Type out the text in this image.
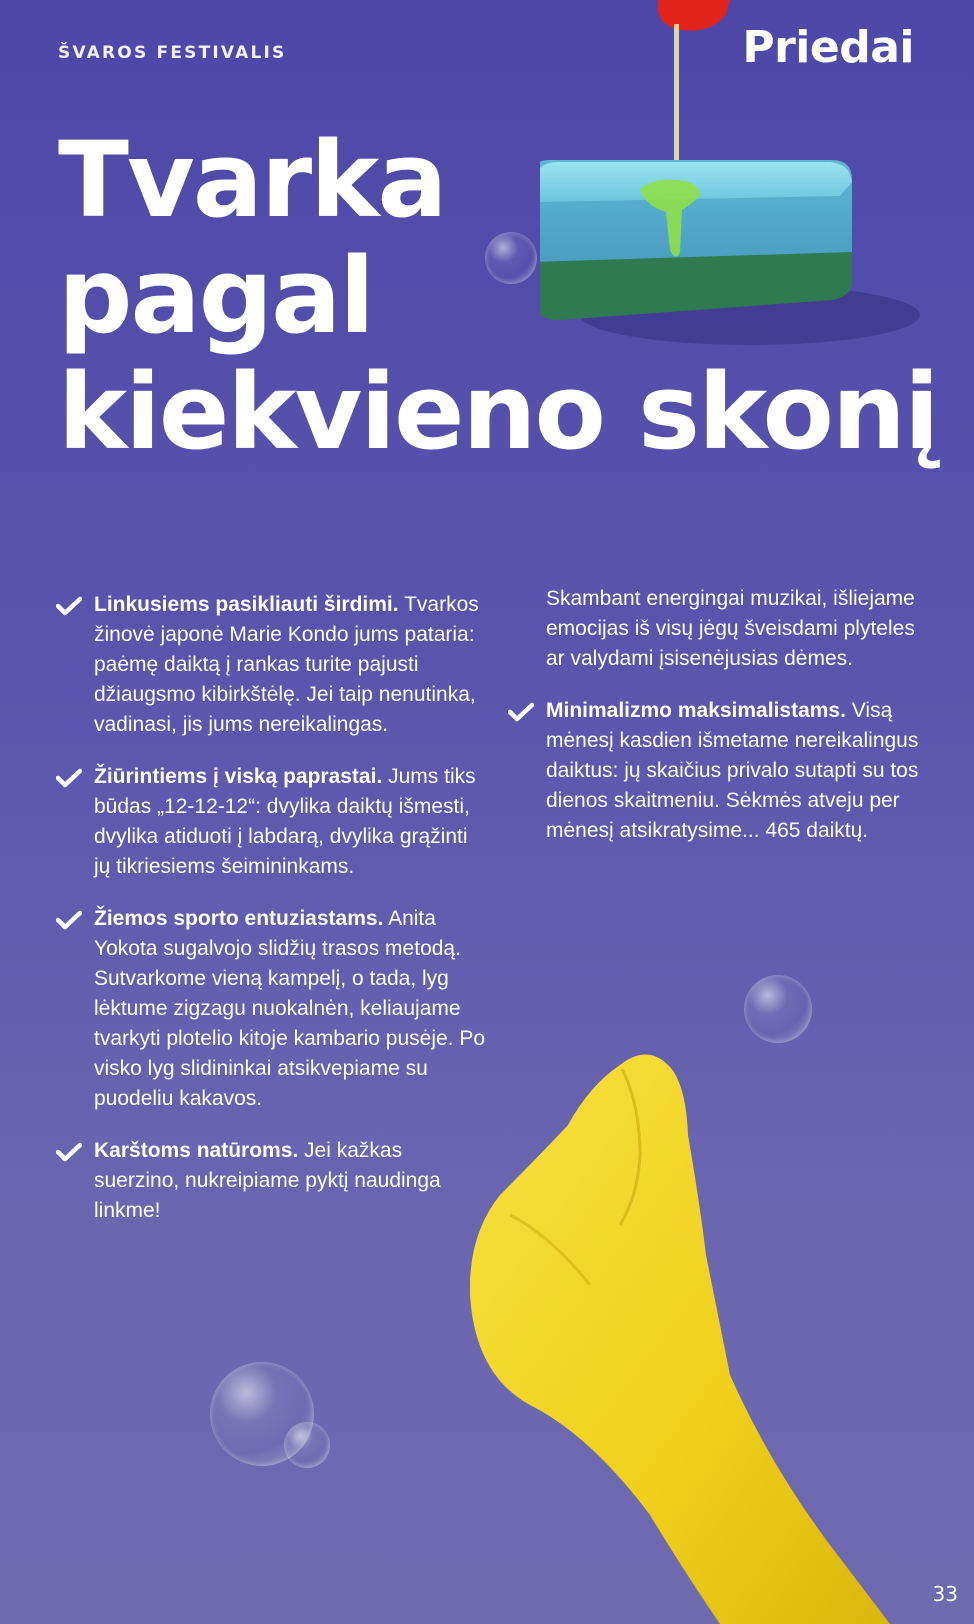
ŠVAROS FESTIVALIS	Priedai
Tvarka
pagal
kiekvieno skonį
Linkusiems pasikliauti širdimi. Tvarkos žinovė japonė Marie Kondo jums pataria: paėmę daiktą į rankas turite pajusti džiaugsmo kibirkštėlę. Jei taip nenutinka, vadinasi, jis jums nereikalingas.
Žiūrintiems į viską paprastai. Jums tiks būdas „12-12-12“: dvylika daiktų išmesti, dvylika atiduoti į labdarą, dvylika grąžinti jų tikriesiems šeimininkams.
Žiemos sporto entuziastams. Anita Yokota sugalvojo slidžių trasos metodą. Sutvarkome vieną kampelį, o tada, lyg lėktume zigzagu nuokalnėn, keliaujame tvarkyti plotelio kitoje kambario pusėje. Po visko lyg slidininkai atsikvepiame su puodeliu kakavos.
Karštoms natūroms. Jei kažkas suerzino, nukreipiame pyktį naudinga linkme!
Skambant energingai muzikai, išliejame emocijas iš visų jėgų šveisdami plyteles ar valydami įsisenėjusias dėmes.
Minimalizmo maksimalistams. Visą mėnesį kasdien išmetame nereikalingus daiktus: jų skaičius privalo sutapti su tos dienos skaitmeniu. Sėkmės atveju per mėnesį atsikratysime... 465 daiktų.
33
